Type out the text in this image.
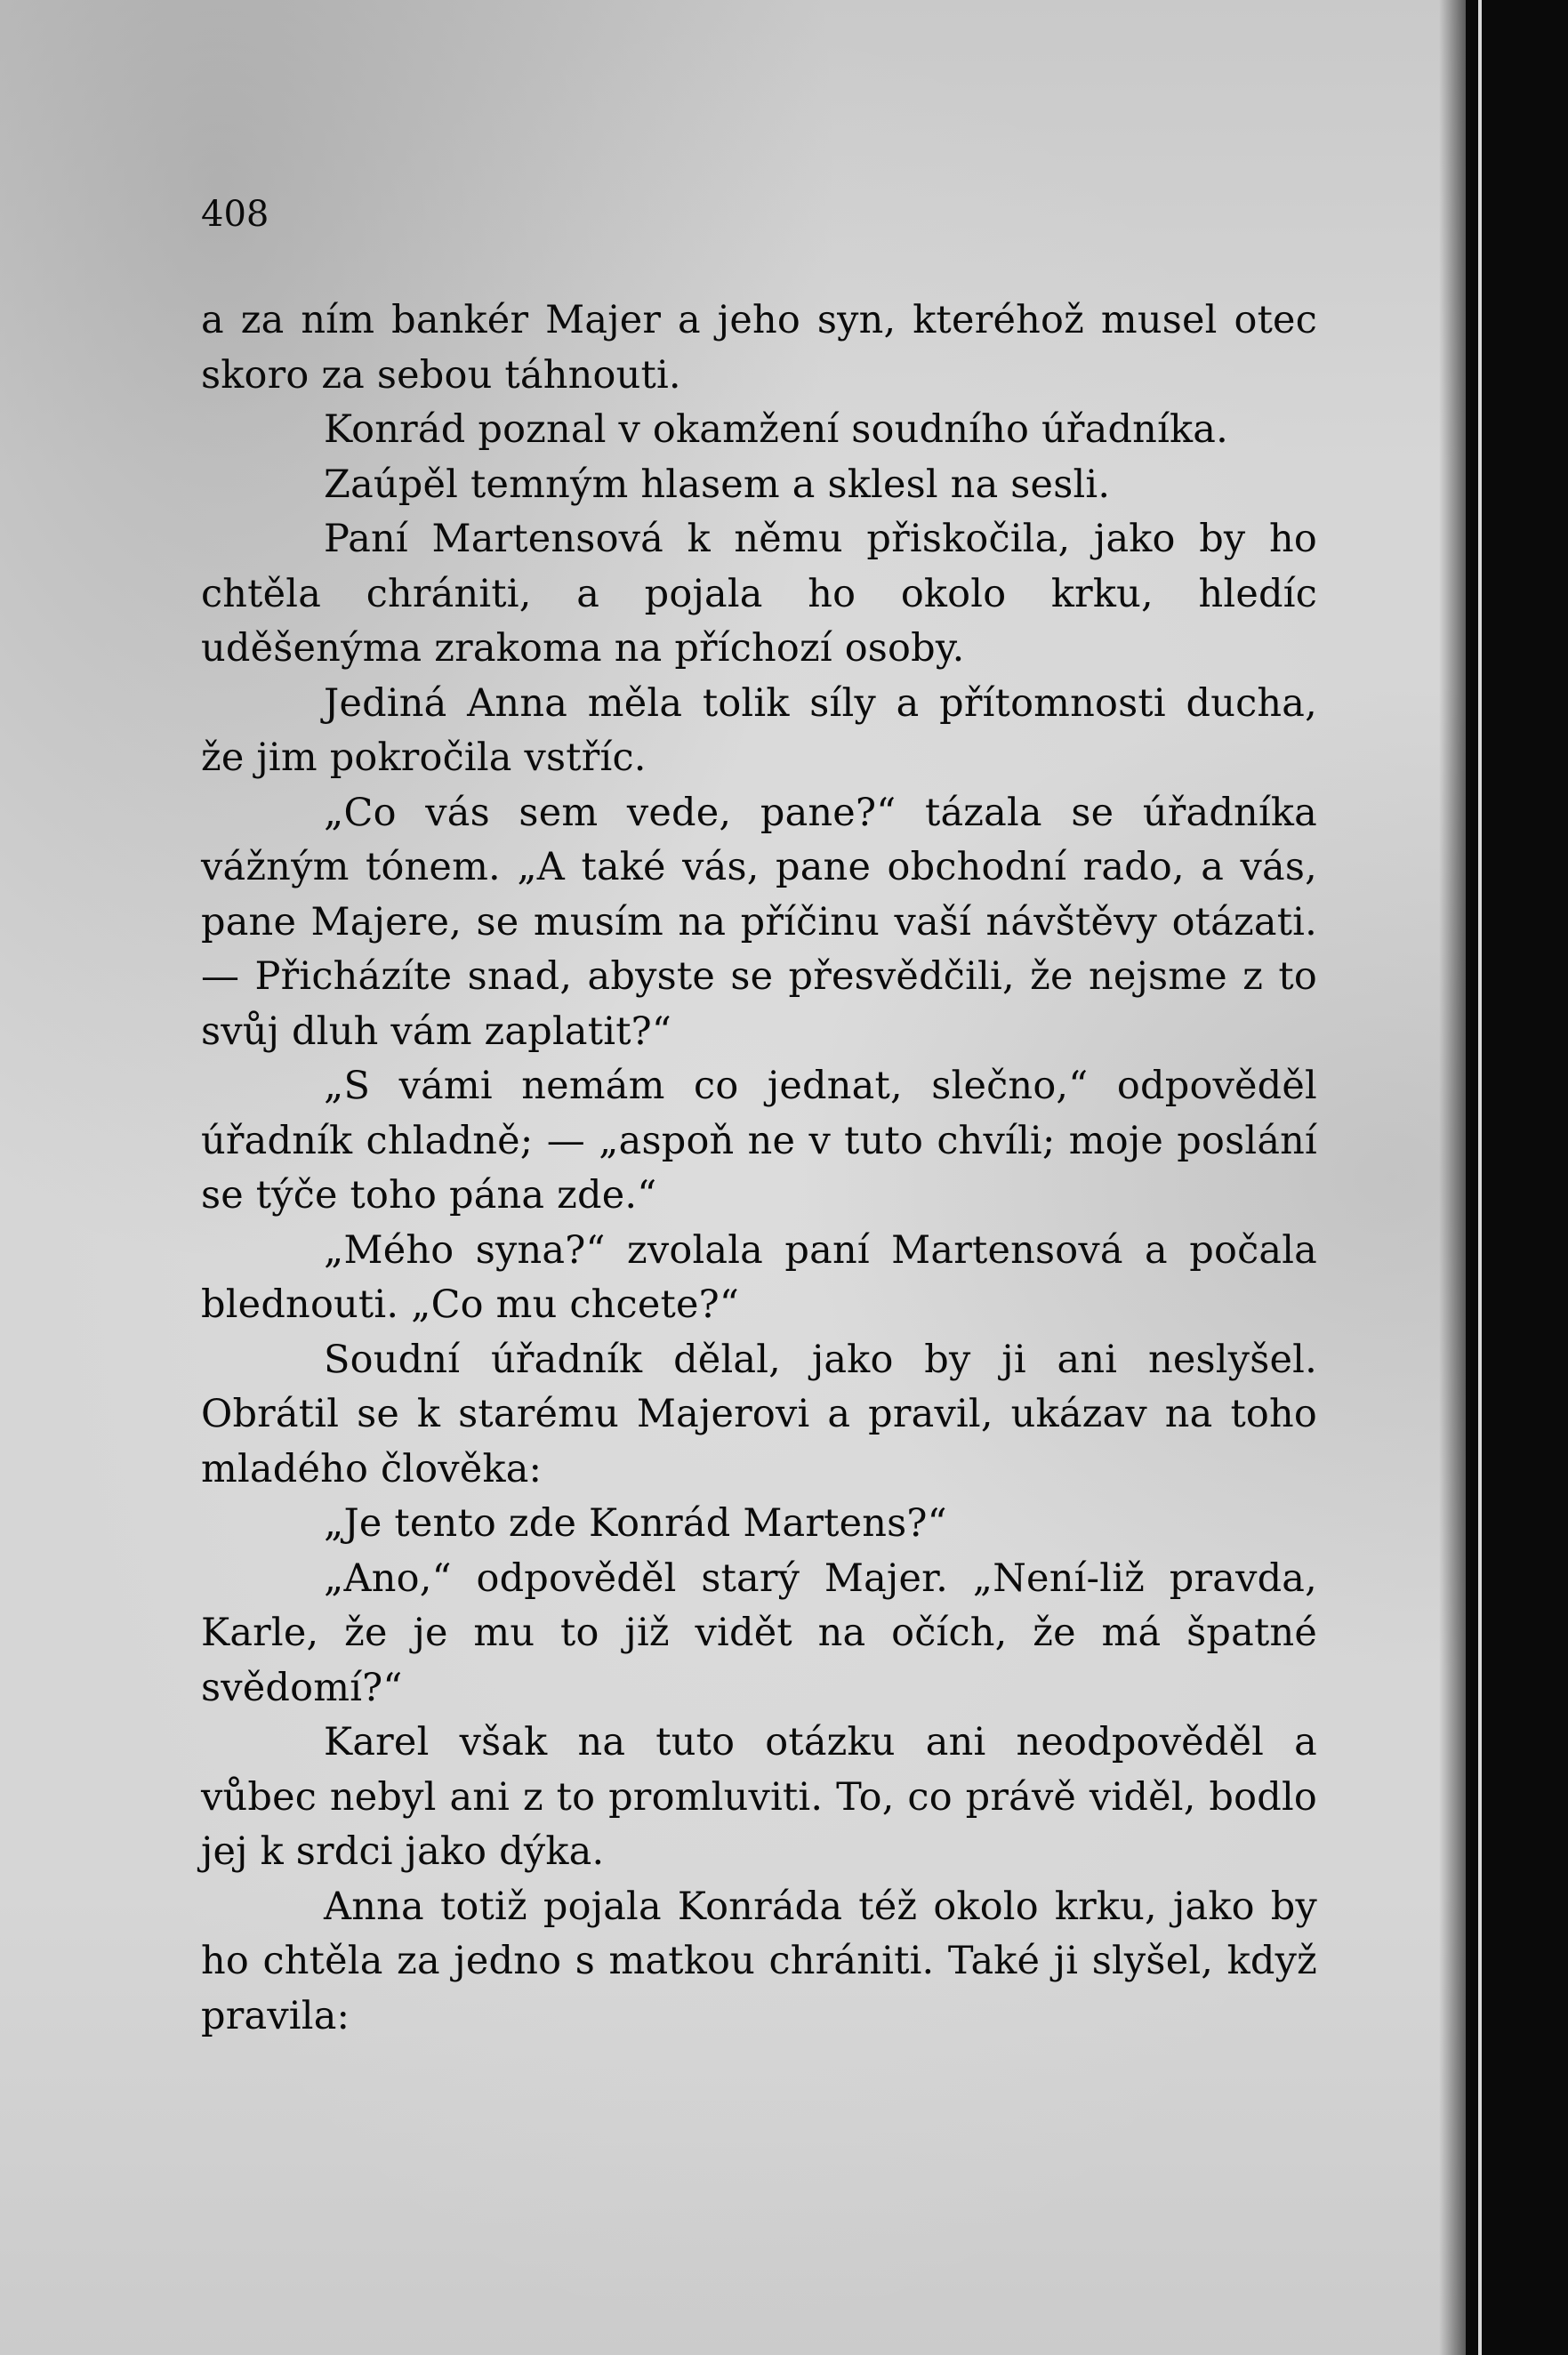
408

a za ním bankér Majer a jeho syn, kteréhož musel otec skoro za sebou táhnouti.

Konrád poznal v okamžení soudního úřadníka.

Zaúpěl temným hlasem a sklesl na sesli.

Paní Martensová k němu přiskočila, jako by ho chtěla chrániti, a pojala ho okolo krku, hledíc uděšenýma zrakoma na příchozí osoby.

Jediná Anna měla tolik síly a přítomnosti ducha, že jim pokročila vstříc.

„Co vás sem vede, pane?“ tázala se úřadníka vážným tónem. „A také vás, pane obchodní rado, a vás, pane Majere, se musím na příčinu vaší návštěvy otázati. — Přicházíte snad, abyste se přesvědčili, že nejsme z to svůj dluh vám zaplatit?“

„S vámi nemám co jednat, slečno,“ odpověděl úřadník chladně; — „aspoň ne v tuto chvíli; moje poslání se týče toho pána zde.“

„Mého syna?“ zvolala paní Martensová a počala blednouti. „Co mu chcete?“

Soudní úřadník dělal, jako by ji ani neslyšel. Obrátil se k starému Majerovi a pravil, ukázav na toho mladého člověka:

„Je tento zde Konrád Martens?“

„Ano,“ odpověděl starý Majer. „Není-liž pravda, Karle, že je mu to již vidět na očích, že má špatné svědomí?“

Karel však na tuto otázku ani neodpověděl a vůbec nebyl ani z to promluviti. To, co právě viděl, bodlo jej k srdci jako dýka.

Anna totiž pojala Konráda též okolo krku, jako by ho chtěla za jedno s matkou chrániti. Také ji slyšel, když pravila:
